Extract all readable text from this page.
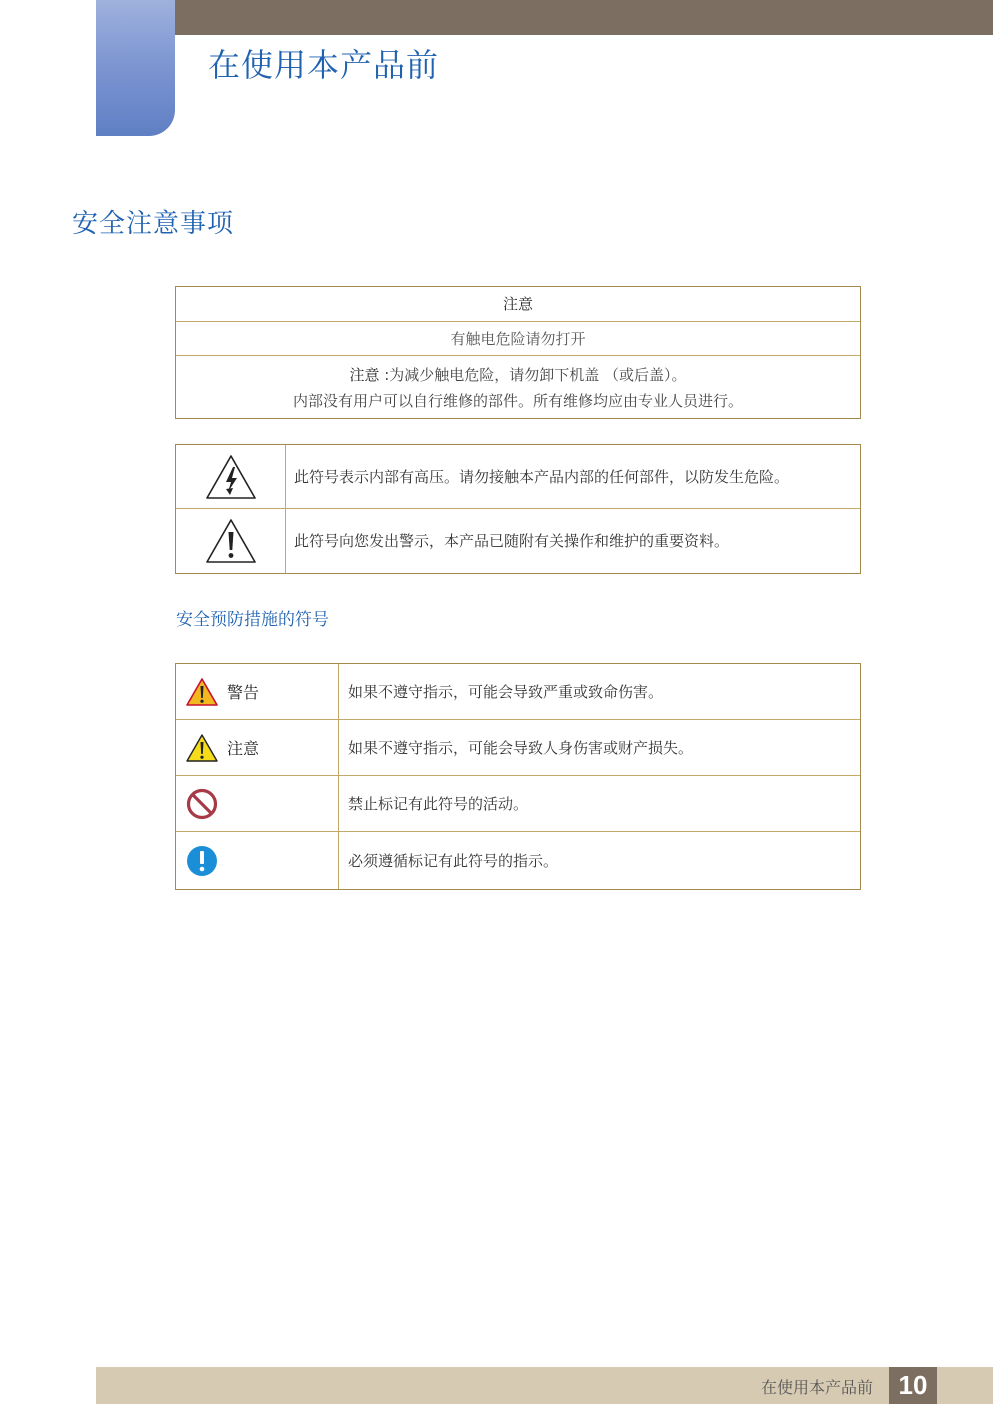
在使用本产品前
安全注意事项
注意
有触电危险请勿打开
注意 :为减少触电危险，请勿卸下机盖 （或后盖）。
内部没有用户可以自行维修的部件。所有维修均应由专业人员进行。
此符号表示内部有高压。请勿接触本产品内部的任何部件，以防发生危险。
此符号向您发出警示，本产品已随附有关操作和维护的重要资料。
安全预防措施的符号
警告	如果不遵守指示，可能会导致严重或致命伤害。
注意	如果不遵守指示，可能会导致人身伤害或财产损失。
禁止标记有此符号的活动。
必须遵循标记有此符号的指示。
在使用本产品前 10
